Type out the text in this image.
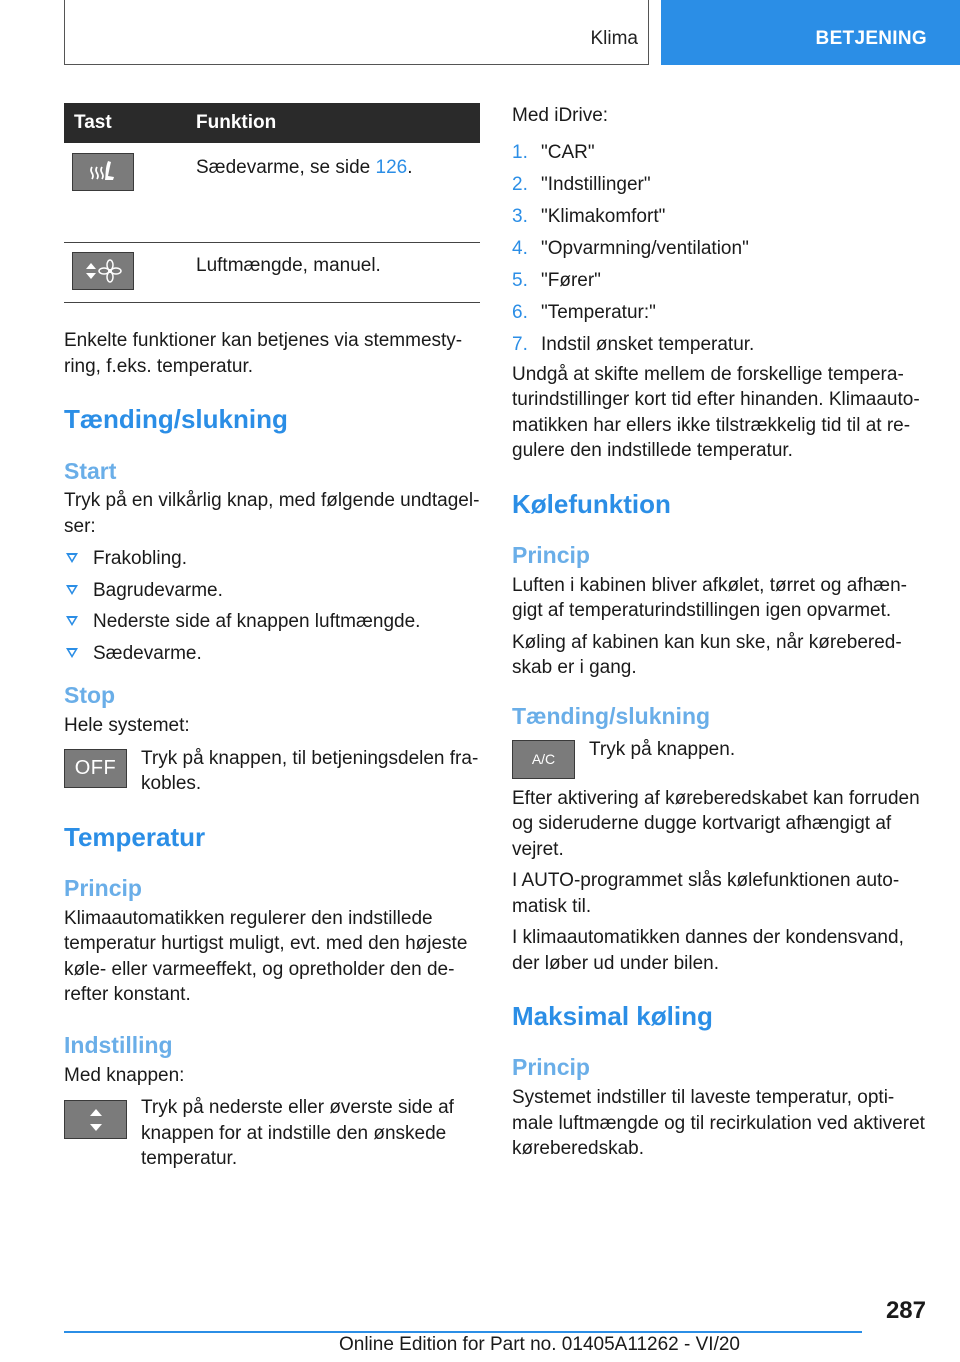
Klima	BETJENING
Tast	Funktion
Sædevarme, se side 126.
Luftmængde, manuel.

Enkelte funktioner kan betjenes via stemmesty-ring, f.eks. temperatur.

Tænding/slukning
Start

Tryk på en vilkårlig knap, med følgende undtagel-ser:

Frakobling.
Bagrudevarme.
Nederste side af knappen luftmængde.
Sædevarme.
Stop

Hele systemet:

OFF	Tryk på knappen, til betjeningsdelen fra-kobles.

Temperatur
Princip

Klimaautomatikken regulerer den indstillede temperatur hurtigst muligt, evt. med den højeste køle- eller varmeeffekt, og opretholder den de-refter konstant.

Indstilling

Med knappen:

Tryk på nederste eller øverste side af knappen for at indstille den ønskede temperatur.

Med iDrive:

1. "CAR"
2. "Indstillinger"
3. "Klimakomfort"
4. "Opvarmning/ventilation"
5. "Fører"
6. "Temperatur:"
7. Indstil ønsket temperatur.

Undgå at skifte mellem de forskellige tempera-turindstillinger kort tid efter hinanden. Klimaauto-matikken har ellers ikke tilstrækkelig tid til at re-gulere den indstillede temperatur.

Kølefunktion
Princip

Luften i kabinen bliver afkølet, tørret og afhæn-gigt af temperaturindstillingen igen opvarmet.

Køling af kabinen kan kun ske, når kørebered-skab er i gang.

Tænding/slukning
A/C	Tryk på knappen.

Efter aktivering af køreberedskabet kan forruden og sideruderne dugge kortvarigt afhængigt af vejret.

I AUTO-programmet slås kølefunktionen auto-matisk til.

I klimaautomatikken dannes der kondensvand, der løber ud under bilen.

Maksimal køling
Princip

Systemet indstiller til laveste temperatur, opti-male luftmængde og til recirkulation ved aktiveret køreberedskab.

287
Online Edition for Part no. 01405A11262 - VI/20
